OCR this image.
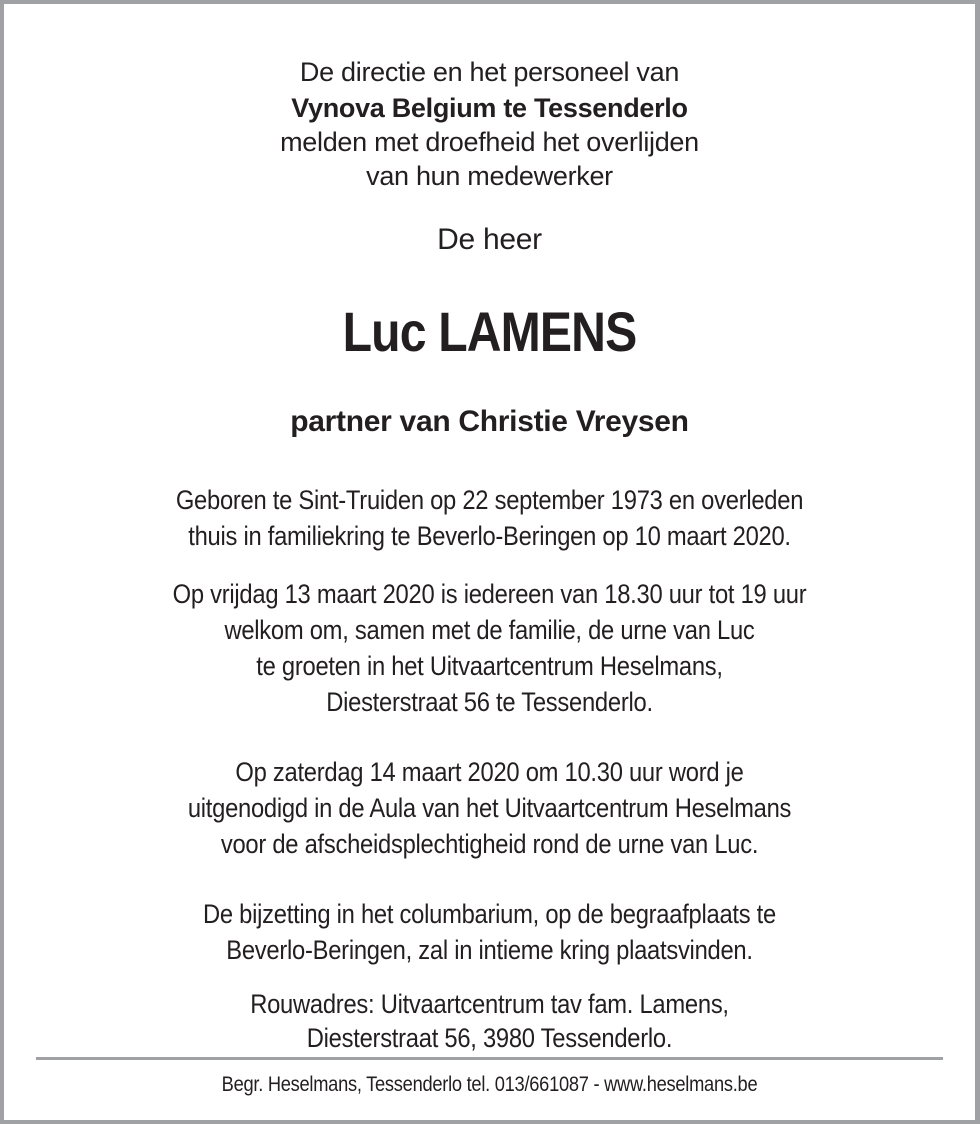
De directie en het personeel van
Vynova Belgium te Tessenderlo
melden met droefheid het overlijden
van hun medewerker
De heer
Luc LAMENS
partner van Christie Vreysen
Geboren te Sint-Truiden op 22 september 1973 en overleden
thuis in familiekring te Beverlo-Beringen op 10 maart 2020.
Op vrijdag 13 maart 2020 is iedereen van 18.30 uur tot 19 uur
welkom om, samen met de familie, de urne van Luc
te groeten in het Uitvaartcentrum Heselmans,
Diesterstraat 56 te Tessenderlo.
Op zaterdag 14 maart 2020 om 10.30 uur word je
uitgenodigd in de Aula van het Uitvaartcentrum Heselmans
voor de afscheidsplechtigheid rond de urne van Luc.
De bijzetting in het columbarium, op de begraafplaats te
Beverlo-Beringen, zal in intieme kring plaatsvinden.
Rouwadres: Uitvaartcentrum tav fam. Lamens,
Diesterstraat 56, 3980 Tessenderlo.
Begr. Heselmans, Tessenderlo tel. 013/661087 - www.heselmans.be
